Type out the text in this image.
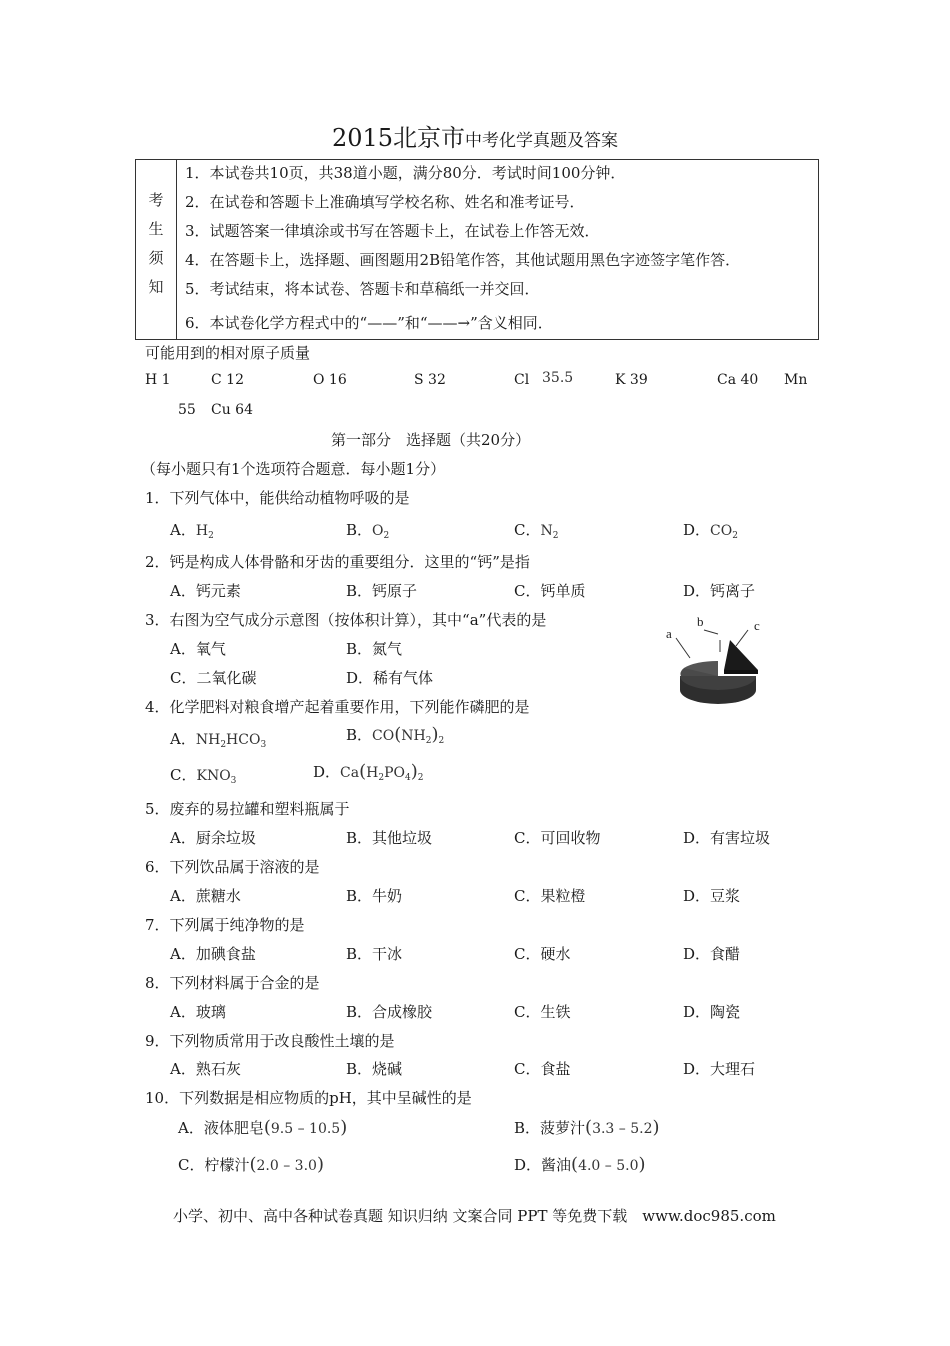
2015北京市中考化学真题及答案
考
生
须
知

1．本试卷共10页，共38道小题，满分80分．考试时间100分钟．
2．在试卷和答题卡上准确填写学校名称、姓名和准考证号．
3．试题答案一律填涂或书写在答题卡上，在试卷上作答无效．
4．在答题卡上，选择题、画图题用2B铅笔作答，其他试题用黑色字迹签字笔作答．
5．考试结束，将本试卷、答题卡和草稿纸一并交回．
6．本试卷化学方程式中的“——”和“——→”含义相同．
可能用到的相对原子质量
H 1	C 12	O 16	S 32	Cl 35.5	K 39	Ca 40 Mn
55 Cu 64
第一部分　选择题（共20分）
（每小题只有1个选项符合题意．每小题1分）
1．下列气体中，能供给动植物呼吸的是
A．$H_2$	B．$O_2$	C．$N_2$	D．$CO_2$
2．钙是构成人体骨骼和牙齿的重要组分．这里的“钙”是指
A．钙元素	B．钙原子	C．钙单质	D．钙离子
3．右图为空气成分示意图（按体积计算），其中“a”代表的是
A．氧气	B．氮气
C．二氧化碳	D．稀有气体
a
b	c
4．化学肥料对粮食增产起着重要作用，下列能作磷肥的是
A．$NH_2HCO_3$
B．$CO(NH_2)_2$
C．$KNO_3$	D．$Ca(H_2PO_4)_2$
5．废弃的易拉罐和塑料瓶属于
A．厨余垃圾	B．其他垃圾	C．可回收物	D．有害垃圾
6．下列饮品属于溶液的是
A．蔗糖水	B．牛奶	C．果粒橙	D．豆浆
7．下列属于纯净物的是
A．加碘食盐	B．干冰	C．硬水	D．食醋
8．下列材料属于合金的是
A．玻璃	B．合成橡胶	C．生铁	D．陶瓷
9．下列物质常用于改良酸性土壤的是
A．熟石灰	B．烧碱	C．食盐	D．大理石
10．下列数据是相应物质的pH，其中呈碱性的是
A．液体肥皂(9.5 – 10.5)	B．菠萝汁(3.3 – 5.2)
C．柠檬汁(2.0 – 3.0)	D．酱油(4.0 – 5.0)
小学、初中、高中各种试卷真题 知识归纳 文案合同 PPT 等免费下载　www.doc985.com
